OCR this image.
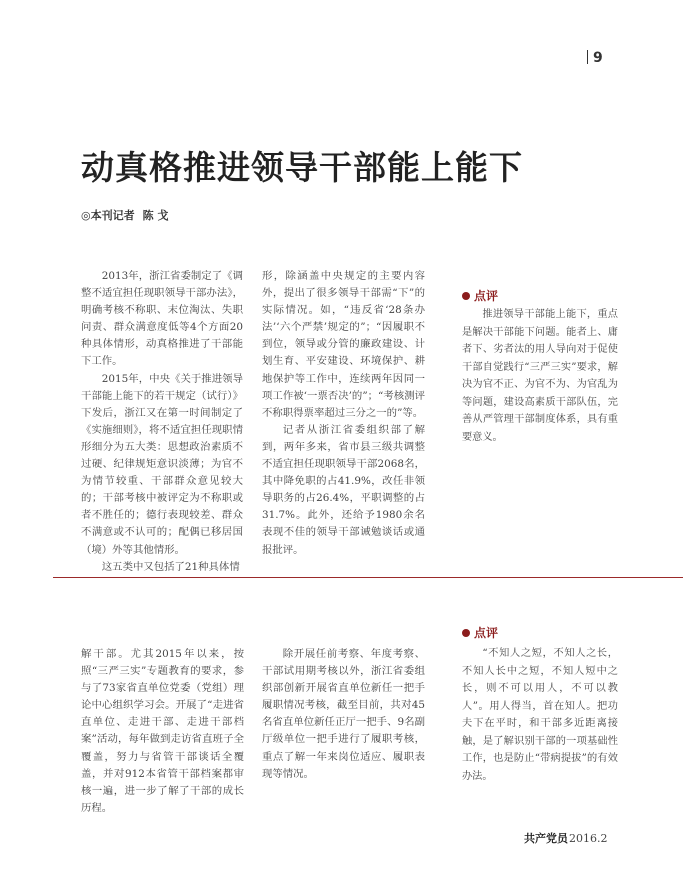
9
动真格推进领导干部能上能下
◎本刊记者 陈 戈

2013年，浙江省委制定了《调整不适宜担任现职领导干部办法》，明确考核不称职、末位淘汰、失职问责、群众满意度低等4个方面20种具体情形，动真格推进了干部能下工作。

2015年，中央《关于推进领导干部能上能下的若干规定（试行）》下发后，浙江又在第一时间制定了《实施细则》，将不适宜担任现职情形细分为五大类：思想政治素质不过硬、纪律规矩意识淡薄；为官不为情节较重、干部群众意见较大的；干部考核中被评定为不称职或者不胜任的；德行表现较差、群众不满意或不认可的；配偶已移居国（境）外等其他情形。

这五类中又包括了21种具体情

形，除涵盖中央规定的主要内容外，提出了很多领导干部需“下”的实际情况。如，“违反省‘28条办法’‘六个严禁’规定的”；“因履职不到位，领导或分管的廉政建设、计划生育、平安建设、环境保护、耕地保护等工作中，连续两年因同一项工作被‘一票否决’的”；“考核测评不称职得票率超过三分之一的”等。

记者从浙江省委组织部了解到，两年多来，省市县三级共调整不适宜担任现职领导干部2068名，其中降免职的占41.9%，改任非领导职务的占26.4%，平职调整的占31.7%。此外，还给予1980余名表现不佳的领导干部诫勉谈话或通报批评。

点评

推进领导干部能上能下，重点是解决干部能下问题。能者上、庸者下、劣者汰的用人导向对于促使干部自觉践行“三严三实”要求，解决为官不正、为官不为、为官乱为等问题，建设高素质干部队伍，完善从严管理干部制度体系，具有重要意义。

解干部。尤其2015年以来，按照“三严三实”专题教育的要求，参与了73家省直单位党委（党组）理论中心组织学习会。开展了“走进省直单位、走进干部、走进干部档案”活动，每年做到走访省直班子全覆盖，努力与省管干部谈话全覆盖，并对912本省管干部档案都审核一遍，进一步了解了干部的成长历程。

除开展任前考察、年度考察、干部试用期考核以外，浙江省委组织部创新开展省直单位新任一把手履职情况考核，截至目前，共对45名省直单位新任正厅一把手、9名副厅级单位一把手进行了履职考核，重点了解一年来岗位适应、履职表现等情况。

点评

“不知人之短，不知人之长，不知人长中之短，不知人短中之长，则不可以用人，不可以教人”。用人得当，首在知人。把功夫下在平时，和干部多近距离接触，是了解识别干部的一项基础性工作，也是防止“带病提拔”的有效办法。

共产党员2016.2
